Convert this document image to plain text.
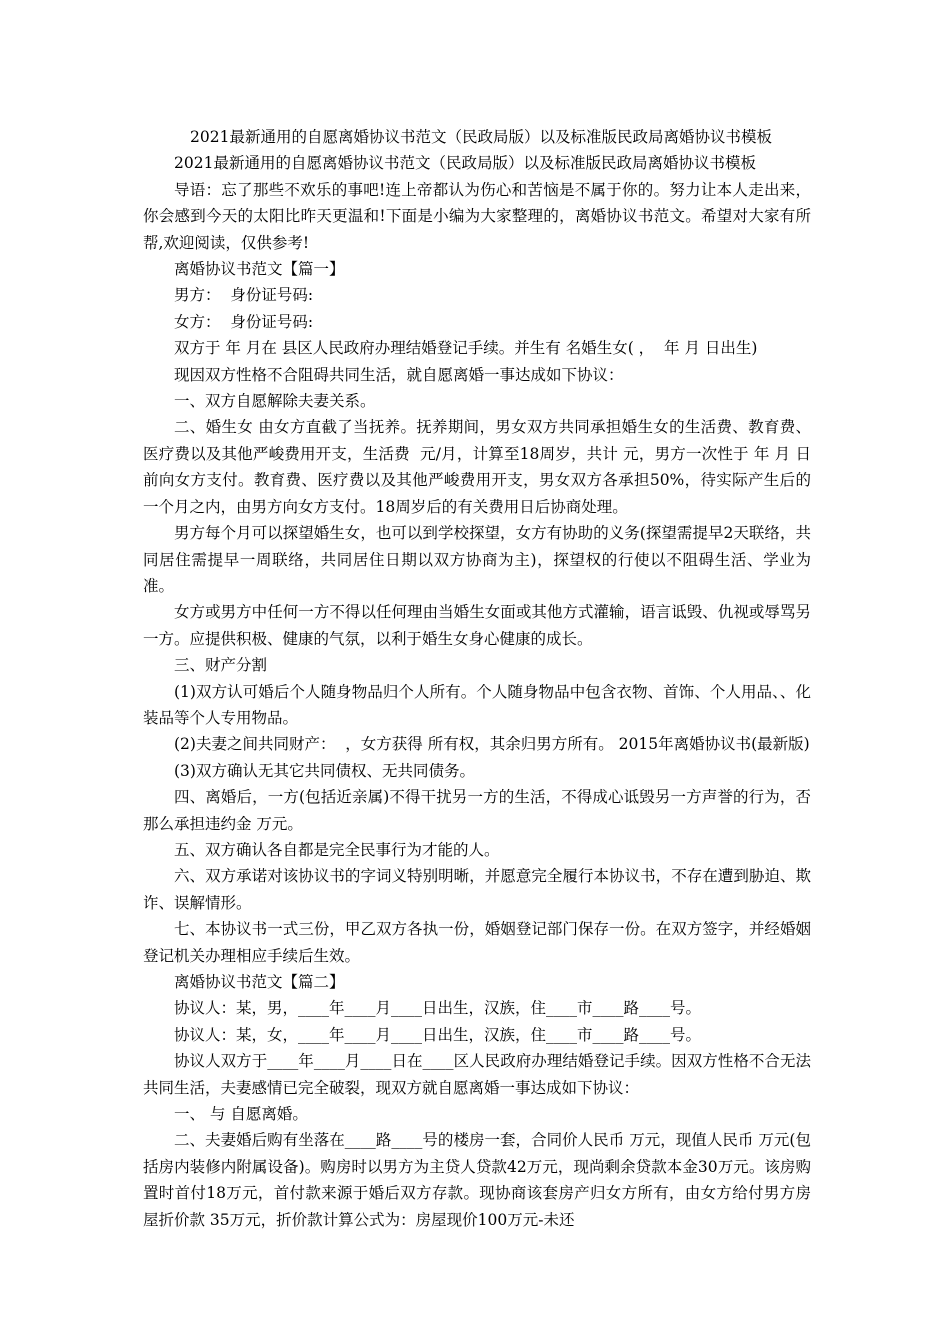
2021最新通用的自愿离婚协议书范文（民政局版）以及标准版民政局离婚协议书模板

2021最新通用的自愿离婚协议书范文（民政局版）以及标准版民政局离婚协议书模板

导语：忘了那些不欢乐的事吧!连上帝都认为伤心和苦恼是不属于你的。努力让本人走出来，你会感到今天的太阳比昨天更温和!下面是小编为大家整理的，离婚协议书范文。希望对大家有所帮,欢迎阅读，仅供参考!

离婚协议书范文【篇一】

男方：  身份证号码:

女方：  身份证号码:

双方于 年 月在 县区人民政府办理结婚登记手续。并生有 名婚生女( ，  年 月 日出生)

现因双方性格不合阻碍共同生活，就自愿离婚一事达成如下协议：

一、双方自愿解除夫妻关系。

二、婚生女 由女方直截了当抚养。抚养期间，男女双方共同承担婚生女的生活费、教育费、医疗费以及其他严峻费用开支，生活费  元/月，计算至18周岁，共计 元，男方一次性于 年 月 日前向女方支付。教育费、医疗费以及其他严峻费用开支，男女双方各承担50%，待实际产生后的一个月之内，由男方向女方支付。18周岁后的有关费用日后协商处理。

男方每个月可以探望婚生女，也可以到学校探望，女方有协助的义务(探望需提早2天联络，共同居住需提早一周联络，共同居住日期以双方协商为主)，探望权的行使以不阻碍生活、学业为准。

女方或男方中任何一方不得以任何理由当婚生女面或其他方式灌输，语言诋毁、仇视或辱骂另一方。应提供积极、健康的气氛，以利于婚生女身心健康的成长。

三、财产分割

(1)双方认可婚后个人随身物品归个人所有。个人随身物品中包含衣物、首饰、个人用品、、化装品等个人专用物品。

(2)夫妻之间共同财产：  ，女方获得 所有权，其余归男方所有。 2015年离婚协议书(最新版)

(3)双方确认无其它共同债权、无共同债务。

四、离婚后，一方(包括近亲属)不得干扰另一方的生活，不得成心诋毁另一方声誉的行为，否那么承担违约金 万元。

五、双方确认各自都是完全民事行为才能的人。

六、双方承诺对该协议书的字词义特别明晰，并愿意完全履行本协议书，不存在遭到胁迫、欺诈、误解情形。

七、本协议书一式三份，甲乙双方各执一份，婚姻登记部门保存一份。在双方签字，并经婚姻登记机关办理相应手续后生效。

离婚协议书范文【篇二】

协议人：某，男，____年____月____日出生，汉族，住____市____路____号。

协议人：某，女，____年____月____日出生，汉族，住____市____路____号。

协议人双方于____年____月____日在____区人民政府办理结婚登记手续。因双方性格不合无法共同生活，夫妻感情已完全破裂，现双方就自愿离婚一事达成如下协议：

一、 与 自愿离婚。

二、夫妻婚后购有坐落在____路____号的楼房一套，合同价人民币 万元，现值人民币 万元(包括房内装修内附属设备)。购房时以男方为主贷人贷款42万元，现尚剩余贷款本金30万元。该房购置时首付18万元，首付款来源于婚后双方存款。现协商该套房产归女方所有，由女方给付男方房屋折价款 35万元，折价款计算公式为：房屋现价100万元-未还
